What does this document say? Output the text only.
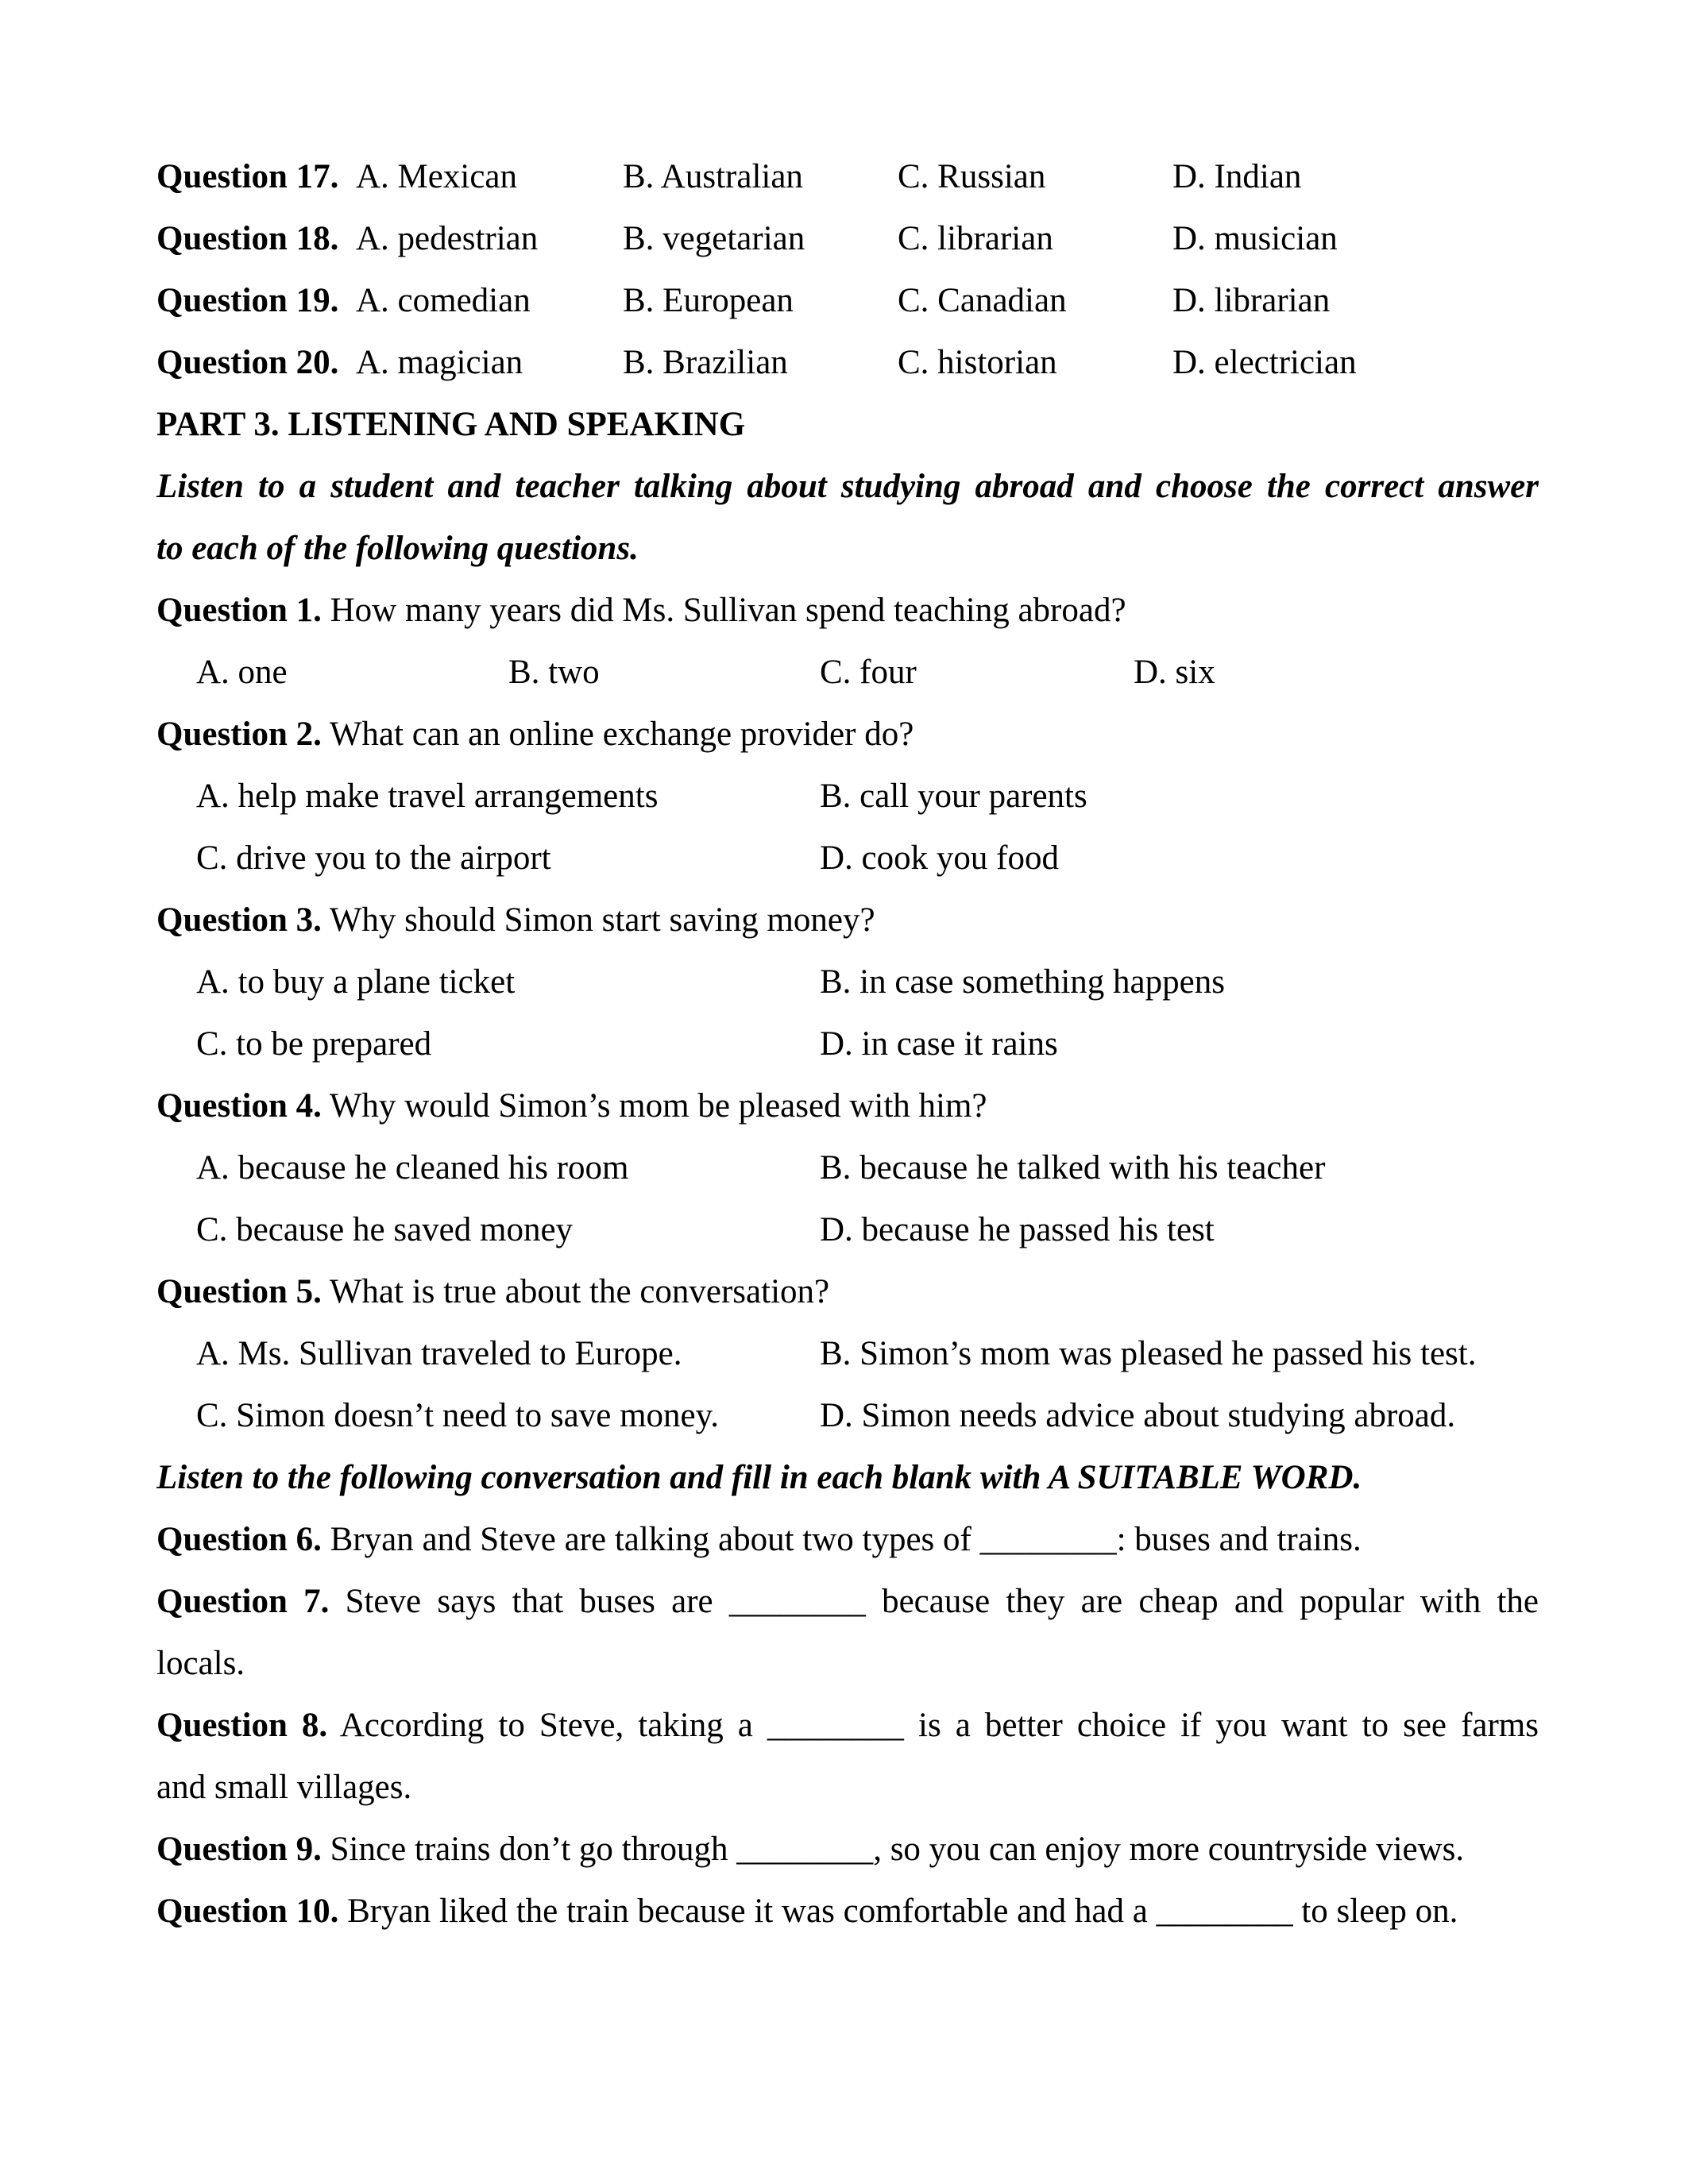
Question 17. A. Mexican	B. Australian	C. Russian	D. Indian
Question 18. A. pedestrian B. vegetarian	C. librarian	D. musician
Question 19. A. comedian	B. European	C. Canadian	D. librarian
Question 20. A. magician	B. Brazilian	C. historian	D. electrician
PART 3. LISTENING AND SPEAKING
Listen to a student and teacher talking about studying abroad and choose the correct answer
to each of the following questions.
Question 1. How many years did Ms. Sullivan spend teaching abroad?
A. one	B. two	C. four	D. six
Question 2. What can an online exchange provider do?
A. help make travel arrangements	B. call your parents
C. drive you to the airport	D. cook you food
Question 3. Why should Simon start saving money?
A. to buy a plane ticket	B. in case something happens
C. to be prepared	D. in case it rains
Question 4. Why would Simon’s mom be pleased with him?
A. because he cleaned his room	B. because he talked with his teacher
C. because he saved money	D. because he passed his test
Question 5. What is true about the conversation?
A. Ms. Sullivan traveled to Europe.	B. Simon’s mom was pleased he passed his test.
C. Simon doesn’t need to save money.	D. Simon needs advice about studying abroad.
Listen to the following conversation and fill in each blank with A SUITABLE WORD.
Question 6. Bryan and Steve are talking about two types of ________: buses and trains.
Question 7. Steve says that buses are ________ because they are cheap and popular with the
locals.
Question 8. According to Steve, taking a ________ is a better choice if you want to see farms
and small villages.
Question 9. Since trains don’t go through ________, so you can enjoy more countryside views.
Question 10. Bryan liked the train because it was comfortable and had a ________ to sleep on.
